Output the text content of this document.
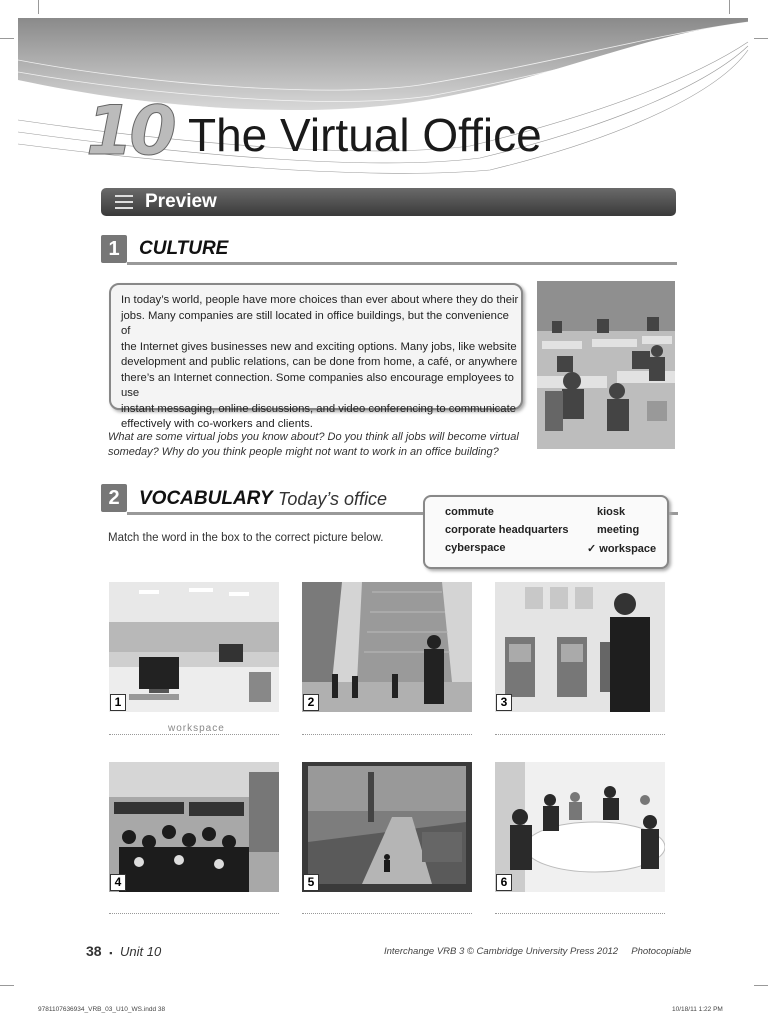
10 The Virtual Office
Preview
1	CULTURE
In today’s world, people have more choices than ever about where they do their
jobs. Many companies are still located in office buildings, but the convenience of
the Internet gives businesses new and exciting options. Many jobs, like website
development and public relations, can be done from home, a café, or anywhere
there’s an Internet connection. Some companies also encourage employees to use
instant messaging, online discussions, and video conferencing to communicate
effectively with co-workers and clients.
What are some virtual jobs you know about? Do you think all jobs will become virtual
someday? Why do you think people might not want to work in an office building?
2	VOCABULARY Today’s office
Match the word in the box to the correct picture below.
commute
corporate headquarters
cyberspace
kiosk
meeting
✓ workspace
1	2	3
workspace
4	5	6
38 ▪ Unit 10	Interchange VRB 3 © Cambridge University Press 2012     Photocopiable
9781107636934_VRB_03_U10_WS.indd 38	10/18/11 1:22 PM
